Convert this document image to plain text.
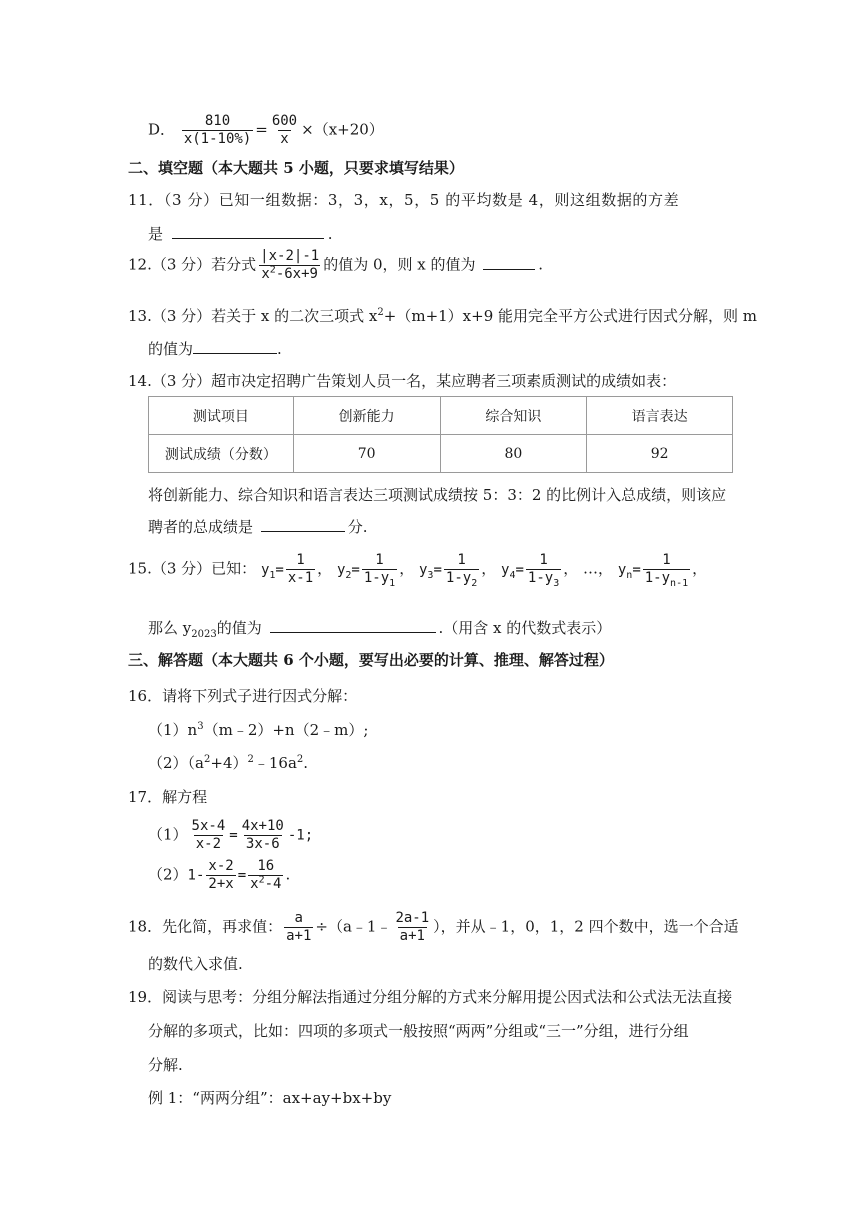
D． $\frac{810}{x(1-10\%)} = \frac{600}{x} \times(x+20)$
二、填空题（本大题共 5 小题，只要求填写结果）
11．（3 分）已知一组数据：3，3，x，5，5 的平均数是 4，则这组数据的方差
是	.
12.（3 分）若分式 $\frac{|x-2|-1}{x^2-6x+9}$ 的值为 0，则 x 的值为	.
13.（3 分）若关于 x 的二次三项式 $x^2+(m+1)x+9$ 能用完全平方公式进行因式分解，则 m
的值为	.
14.（3 分）超市决定招聘广告策划人员一名，某应聘者三项素质测试的成绩如表：
测试项目	创新能力	综合知识	语言表达
测试成绩（分数）	70	80	92
将创新能力、综合知识和语言表达三项测试成绩按 5：3：2 的比例计入总成绩，则该应
聘者的总成绩是	分.
15.（3 分）已知： $y_1= \frac{1}{x-1}$ ， $y_2= \frac{1}{1-y_1}$ ， $y_3= \frac{1}{1-y_2}$ ， $y_4= \frac{1}{1-y_3}$ ， …， $y_n= \frac{1}{1-y_{n-1}}$ ，
那么 $y_{2023}$的值为	.（用含 x 的代数式表示）
三、解答题（本大题共 6 个小题，要写出必要的计算、推理、解答过程）
16．请将下列式子进行因式分解：
$(1)n^3(m﹣2)+n(2﹣m)$;
$(2)(a^2+4)^2﹣16a^2$.
17．解方程
$(1) \frac{5x-4}{x-2} = \frac{4x+10}{3x-6} -1$;
$(2)1- \frac{x-2}{2+x} = \frac{16}{x^2-4}$ .
18．先化简，再求值： $\frac{a}{a+1}$ ÷（a﹣1﹣ $\frac{2a-1}{a+1}$ ），并从﹣1，0，1，2 四个数中，选一个合适
的数代入求值.
19．阅读与思考：分组分解法指通过分组分解的方式来分解用提公因式法和公式法无法直接
分解的多项式，比如：四项的多项式一般按照“两两”分组或“三一”分组，进行分组
分解.
例 1：“两两分组”：ax+ay+bx+by
